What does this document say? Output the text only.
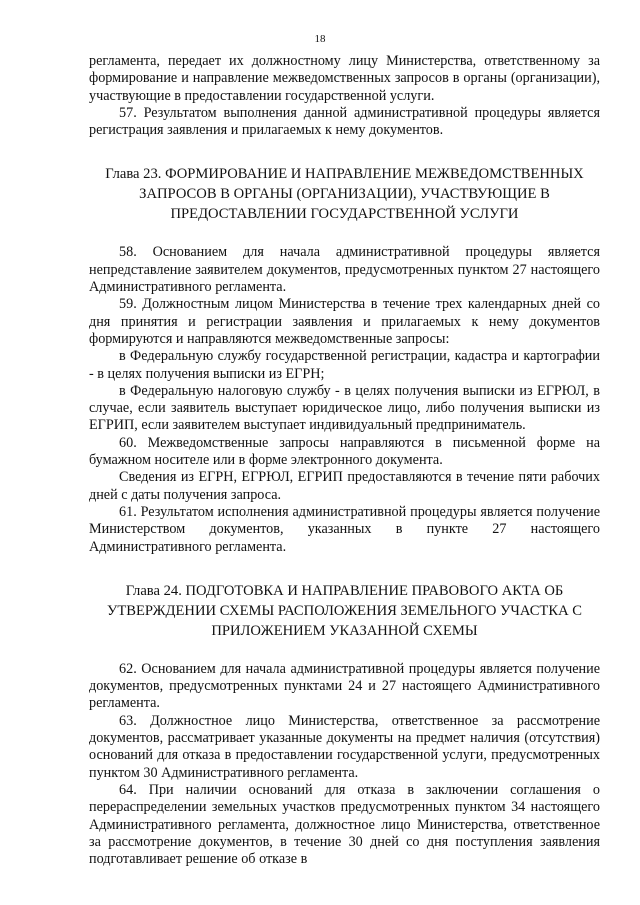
18

регламента, передает их должностному лицу Министерства, ответственному за формирование и направление межведомственных запросов в органы (организации), участвующие в предоставлении государственной услуги.

57. Результатом выполнения данной административной процедуры является регистрация заявления и прилагаемых к нему документов.

Глава 23. ФОРМИРОВАНИЕ И НАПРАВЛЕНИЕ МЕЖВЕДОМСТВЕННЫХ ЗАПРОСОВ В ОРГАНЫ (ОРГАНИЗАЦИИ), УЧАСТВУЮЩИЕ В ПРЕДОСТАВЛЕНИИ ГОСУДАРСТВЕННОЙ УСЛУГИ

58. Основанием для начала административной процедуры является непредставление заявителем документов, предусмотренных пунктом 27 настоящего Административного регламента.

59. Должностным лицом Министерства в течение трех календарных дней со дня принятия и регистрации заявления и прилагаемых к нему документов формируются и направляются межведомственные запросы:

в Федеральную службу государственной регистрации, кадастра и картографии - в целях получения выписки из ЕГРН;

в Федеральную налоговую службу - в целях получения выписки из ЕГРЮЛ, в случае, если заявитель выступает юридическое лицо, либо получения выписки из ЕГРИП, если заявителем выступает индивидуальный предприниматель.

60. Межведомственные запросы направляются в письменной форме на бумажном носителе или в форме электронного документа.

Сведения из ЕГРН, ЕГРЮЛ, ЕГРИП предоставляются в течение пяти рабочих дней с даты получения запроса.

61. Результатом исполнения административной процедуры является получение Министерством документов, указанных в пункте 27 настоящего Административного регламента.

Глава 24. ПОДГОТОВКА И НАПРАВЛЕНИЕ ПРАВОВОГО АКТА ОБ УТВЕРЖДЕНИИ СХЕМЫ РАСПОЛОЖЕНИЯ ЗЕМЕЛЬНОГО УЧАСТКА С ПРИЛОЖЕНИЕМ УКАЗАННОЙ СХЕМЫ

62. Основанием для начала административной процедуры является получение документов, предусмотренных пунктами 24 и 27 настоящего Административного регламента.

63. Должностное лицо Министерства, ответственное за рассмотрение документов, рассматривает указанные документы на предмет наличия (отсутствия) оснований для отказа в предоставлении государственной услуги, предусмотренных пунктом 30 Административного регламента.

64. При наличии оснований для отказа в заключении соглашения о перераспределении земельных участков предусмотренных пунктом 34 настоящего Административного регламента, должностное лицо Министерства, ответственное за рассмотрение документов, в течение 30 дней со дня поступления заявления подготавливает решение об отказе в
